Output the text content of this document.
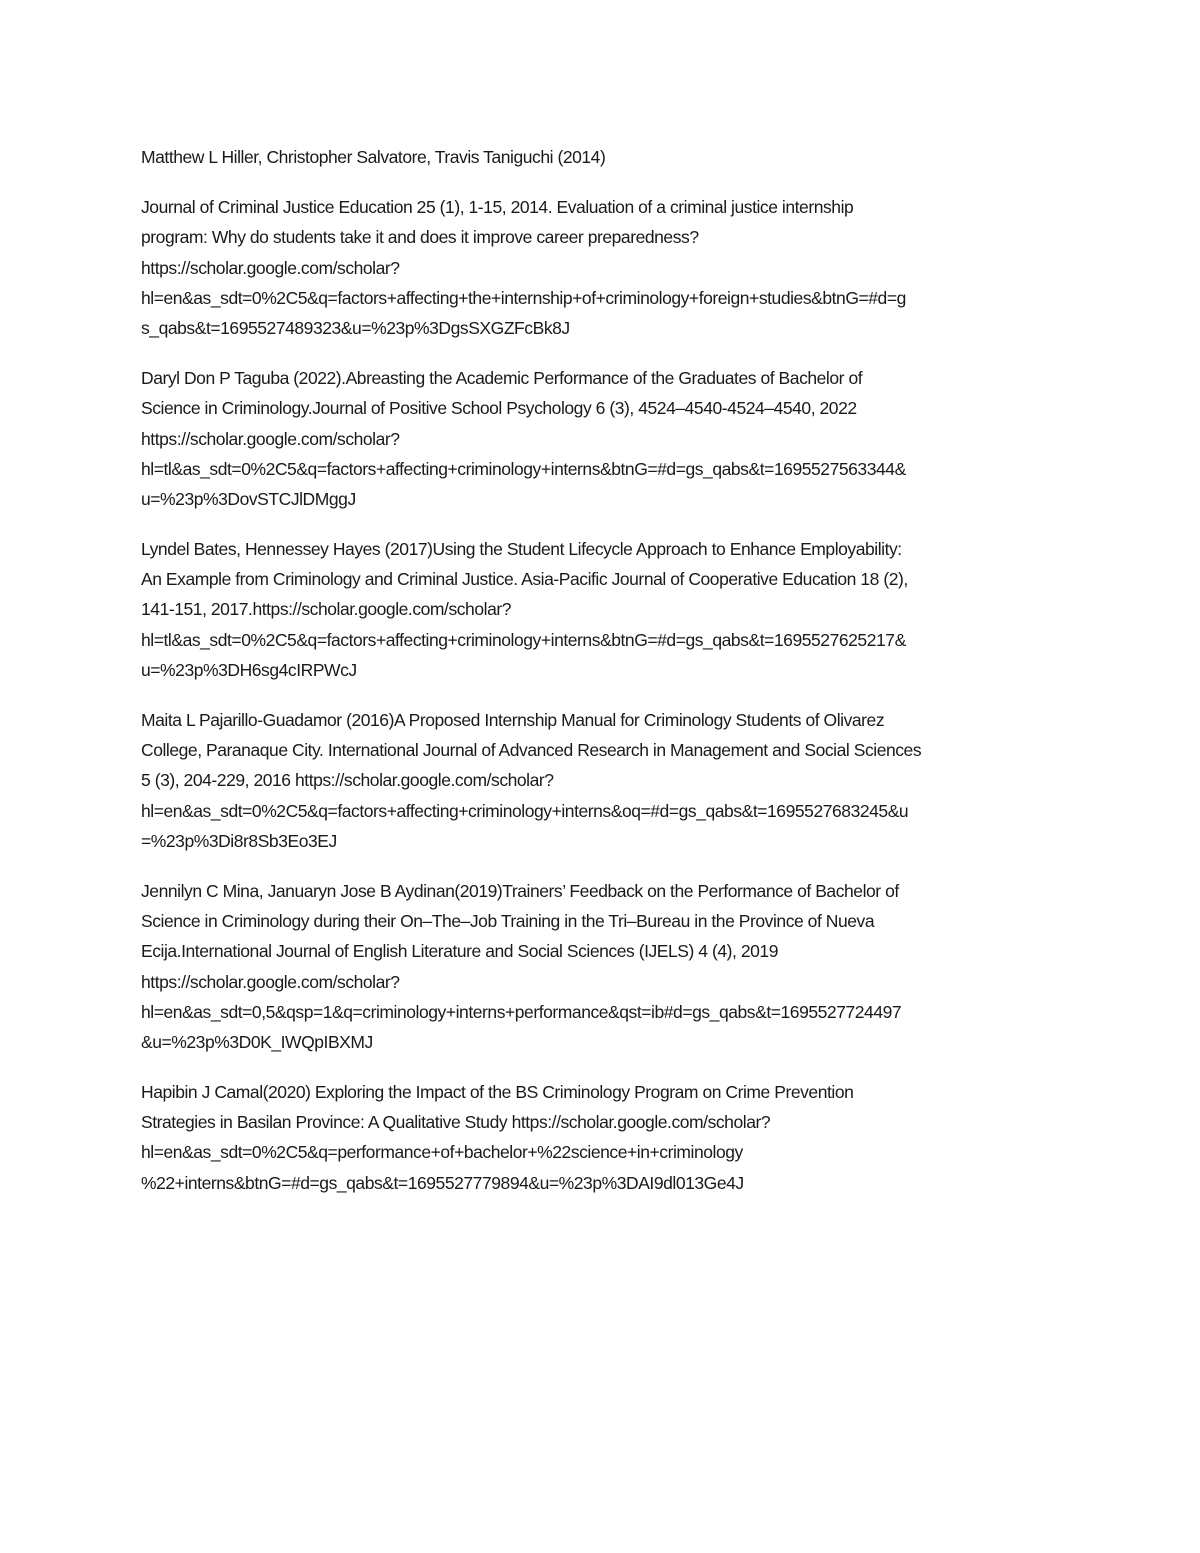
Matthew L Hiller, Christopher Salvatore, Travis Taniguchi (2014)
Journal of Criminal Justice Education 25 (1), 1-15, 2014. Evaluation of a criminal justice internship
program: Why do students take it and does it improve career preparedness?
https://scholar.google.com/scholar?
hl=en&as_sdt=0%2C5&q=factors+affecting+the+internship+of+criminology+foreign+studies&btnG=#d=g
s_qabs&t=1695527489323&u=%23p%3DgsSXGZFcBk8J
Daryl Don P Taguba (2022).Abreasting the Academic Performance of the Graduates of Bachelor of
Science in Criminology.Journal of Positive School Psychology 6 (3), 4524–4540-4524–4540, 2022
https://scholar.google.com/scholar?
hl=tl&as_sdt=0%2C5&q=factors+affecting+criminology+interns&btnG=#d=gs_qabs&t=1695527563344&
u=%23p%3DovSTCJlDMggJ
Lyndel Bates, Hennessey Hayes (2017)Using the Student Lifecycle Approach to Enhance Employability:
An Example from Criminology and Criminal Justice. Asia-Pacific Journal of Cooperative Education 18 (2),
141-151, 2017.https://scholar.google.com/scholar?
hl=tl&as_sdt=0%2C5&q=factors+affecting+criminology+interns&btnG=#d=gs_qabs&t=1695527625217&
u=%23p%3DH6sg4cIRPWcJ
Maita L Pajarillo-Guadamor (2016)A Proposed Internship Manual for Criminology Students of Olivarez
College, Paranaque City. International Journal of Advanced Research in Management and Social Sciences
5 (3), 204-229, 2016 https://scholar.google.com/scholar?
hl=en&as_sdt=0%2C5&q=factors+affecting+criminology+interns&oq=#d=gs_qabs&t=1695527683245&u
=%23p%3Di8r8Sb3Eo3EJ
Jennilyn C Mina, Januaryn Jose B Aydinan(2019)Trainers’ Feedback on the Performance of Bachelor of
Science in Criminology during their On–The–Job Training in the Tri–Bureau in the Province of Nueva
Ecija.International Journal of English Literature and Social Sciences (IJELS) 4 (4), 2019
https://scholar.google.com/scholar?
hl=en&as_sdt=0,5&qsp=1&q=criminology+interns+performance&qst=ib#d=gs_qabs&t=1695527724497
&u=%23p%3D0K_IWQpIBXMJ
Hapibin J Camal(2020) Exploring the Impact of the BS Criminology Program on Crime Prevention
Strategies in Basilan Province: A Qualitative Study https://scholar.google.com/scholar?
hl=en&as_sdt=0%2C5&q=performance+of+bachelor+%22science+in+criminology
%22+interns&btnG=#d=gs_qabs&t=1695527779894&u=%23p%3DAI9dl013Ge4J
